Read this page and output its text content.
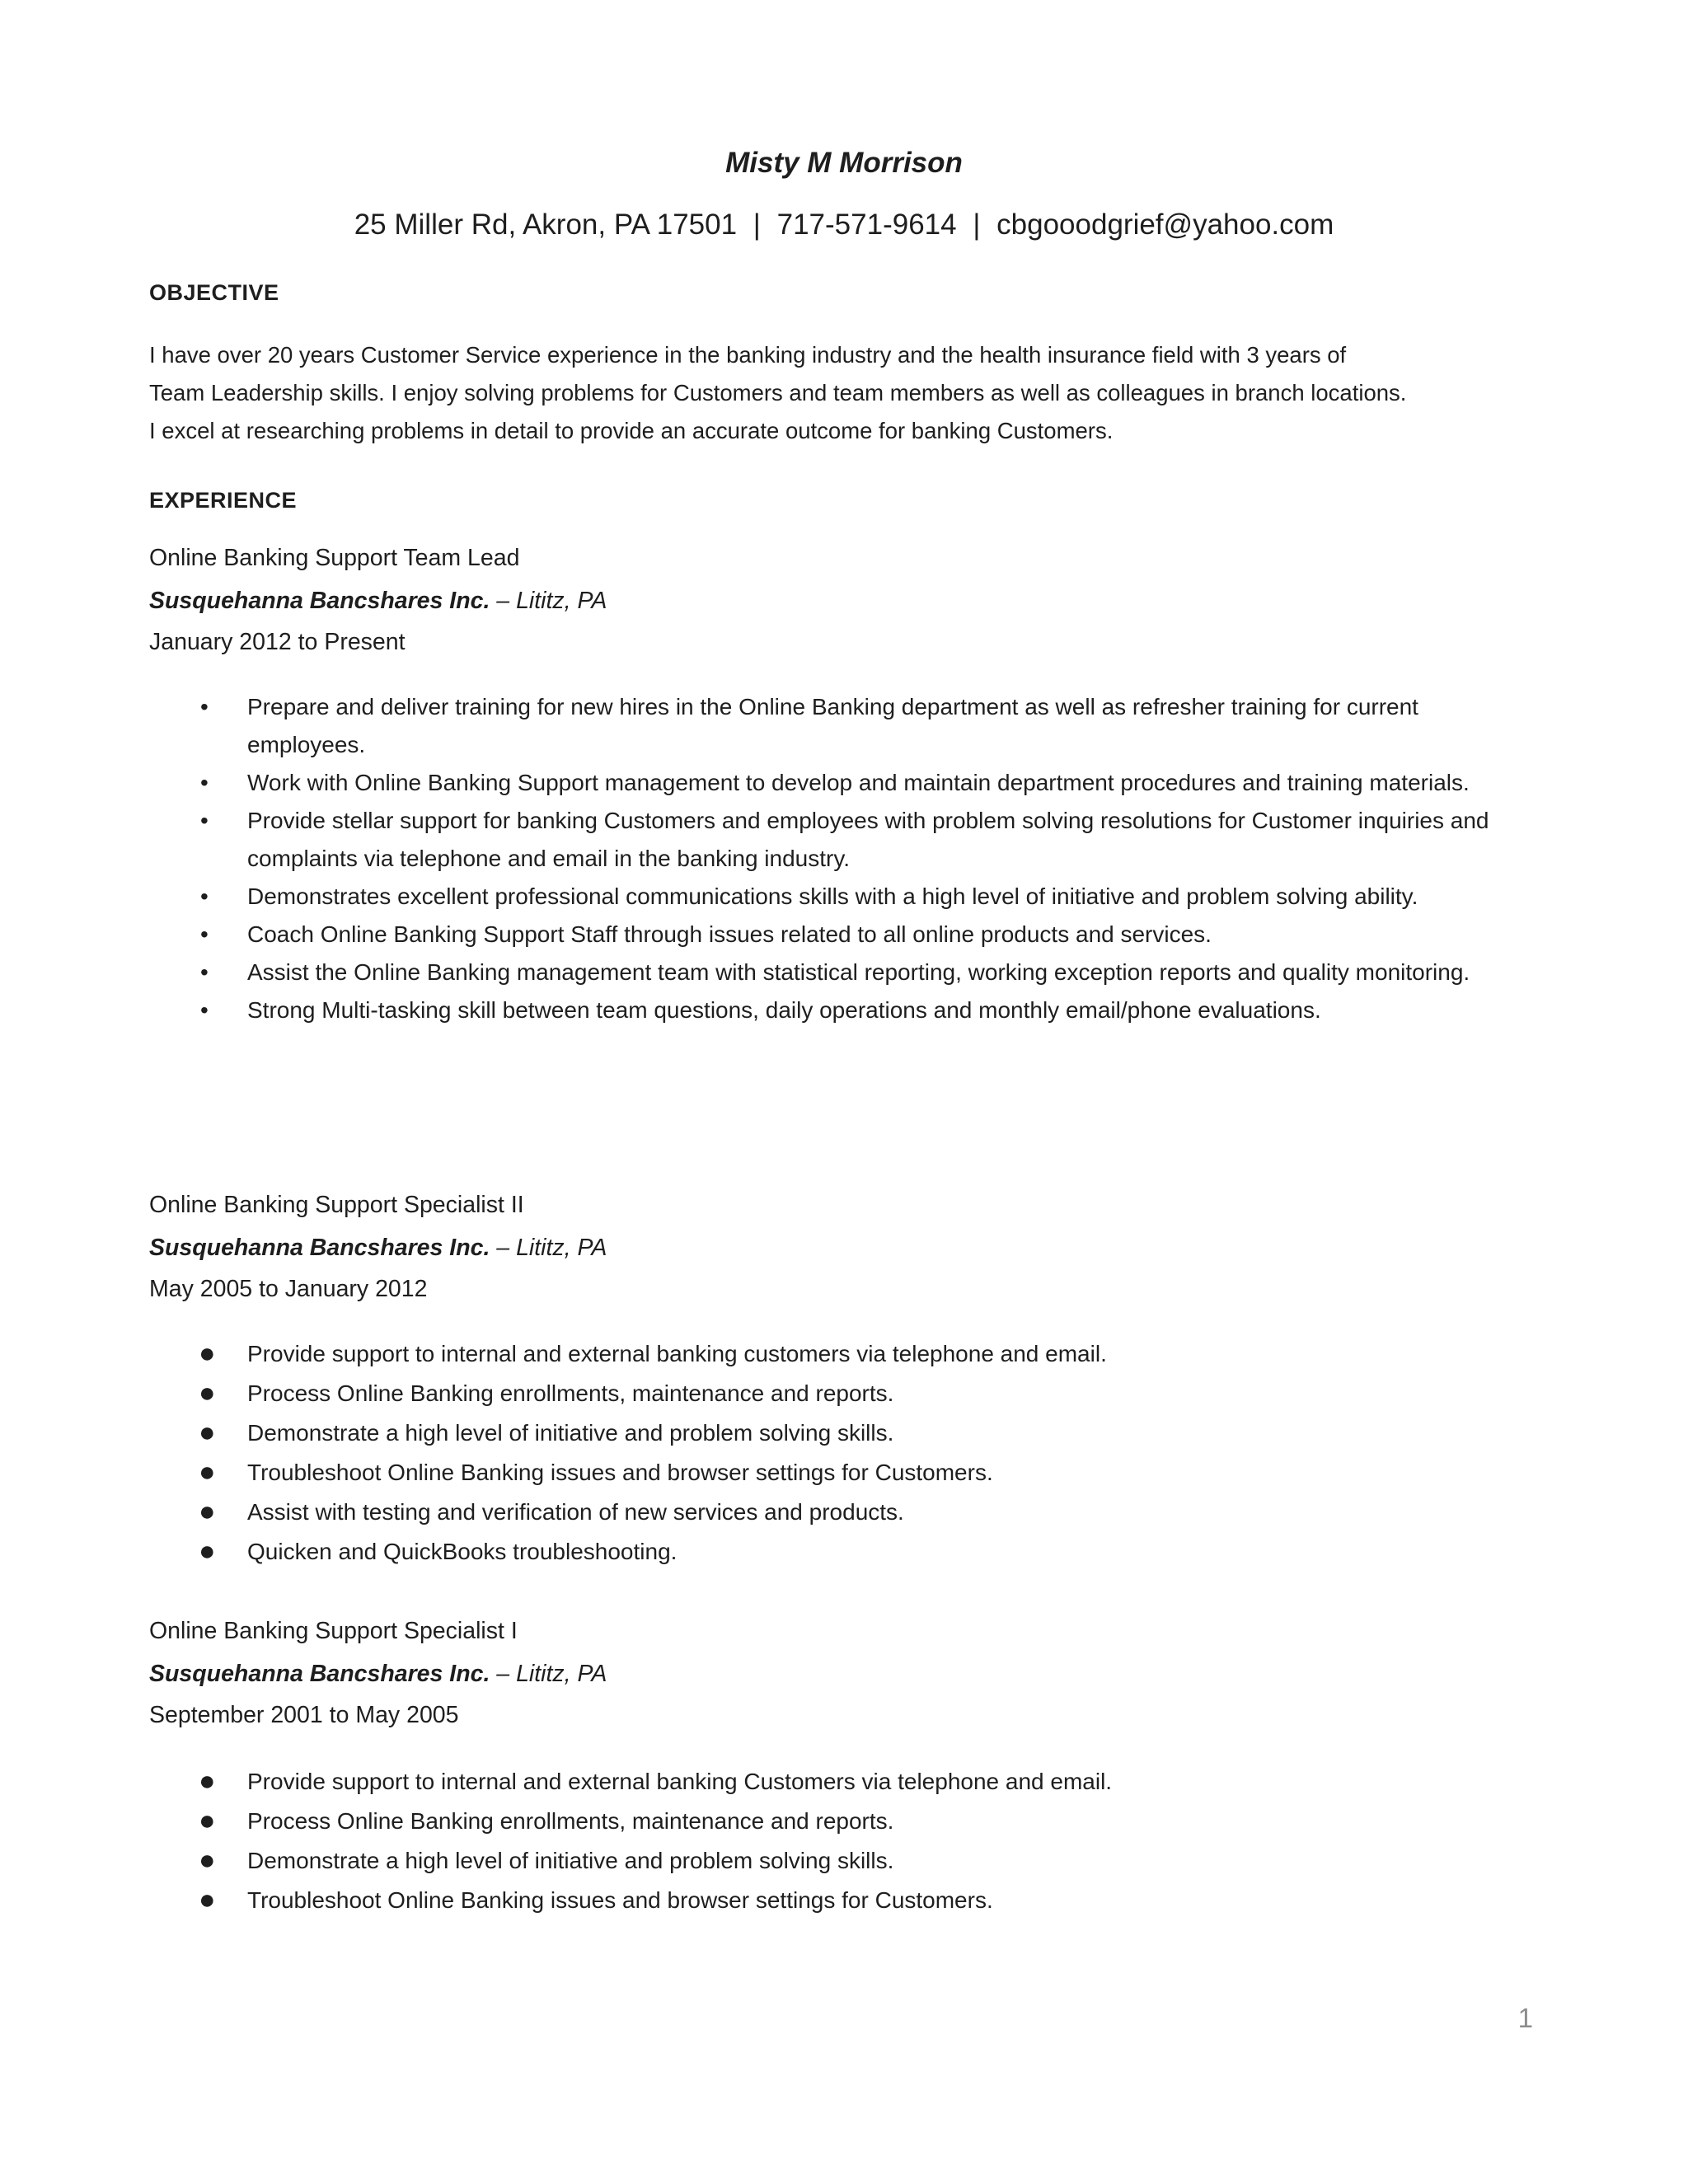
Misty M Morrison
25 Miller Rd, Akron, PA 17501 | 717-571-9614 | cbgooodgrief@yahoo.com
OBJECTIVE
I have over 20 years Customer Service experience in the banking industry and the health insurance field with 3 years of
Team Leadership skills. I enjoy solving problems for Customers and team members as well as colleagues in branch locations.
I excel at researching problems in detail to provide an accurate outcome for banking Customers.
EXPERIENCE
Online Banking Support Team Lead
Susquehanna Bancshares Inc. – Lititz, PA
January 2012 to Present
• Prepare and deliver training for new hires in the Online Banking department as well as refresher training for current employees.
• Work with Online Banking Support management to develop and maintain department procedures and training materials.
• Provide stellar support for banking Customers and employees with problem solving resolutions for Customer inquiries and complaints via telephone and email in the banking industry.
• Demonstrates excellent professional communications skills with a high level of initiative and problem solving ability.
• Coach Online Banking Support Staff through issues related to all online products and services.
• Assist the Online Banking management team with statistical reporting, working exception reports and quality monitoring.
• Strong Multi-tasking skill between team questions, daily operations and monthly email/phone evaluations.
Online Banking Support Specialist II
Susquehanna Bancshares Inc. – Lititz, PA
May 2005 to January 2012
● Provide support to internal and external banking customers via telephone and email.
● Process Online Banking enrollments, maintenance and reports.
● Demonstrate a high level of initiative and problem solving skills.
● Troubleshoot Online Banking issues and browser settings for Customers.
● Assist with testing and verification of new services and products.
● Quicken and QuickBooks troubleshooting.
Online Banking Support Specialist I
Susquehanna Bancshares Inc. – Lititz, PA
September 2001 to May 2005
● Provide support to internal and external banking Customers via telephone and email.
● Process Online Banking enrollments, maintenance and reports.
● Demonstrate a high level of initiative and problem solving skills.
● Troubleshoot Online Banking issues and browser settings for Customers.
1
